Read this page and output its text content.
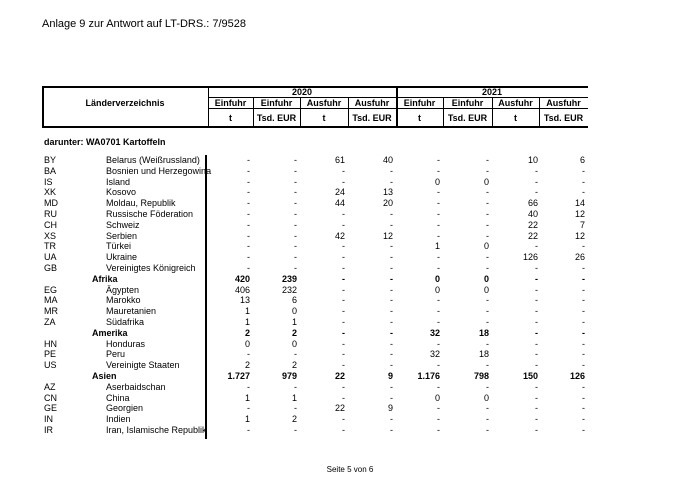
Anlage 9 zur Antwort auf LT-DRS.: 7/9528
2020	2021
Länderverzeichnis	Einfuhr	Einfuhr	Ausfuhr	Ausfuhr	Einfuhr	Einfuhr	Ausfuhr	Ausfuhr
t	Tsd. EUR	t	Tsd. EUR	t	Tsd. EUR	t	Tsd. EUR
darunter: WA0701 Kartoffeln
BY	Belarus (Weißrussland)	-	-	61	40	-	-	10	6
BA	Bosnien und Herzegowina	-	-	-	-	-	-	-	-
IS	Island	-	-	-	-	0	0	-	-
XK	Kosovo	-	-	24	13	-	-	-	-
MD	Moldau, Republik	-	-	44	20	-	-	66	14
RU	Russische Föderation	-	-	-	-	-	-	40	12
CH	Schweiz	-	-	-	-	-	-	22	7
XS	Serbien	-	-	42	12	-	-	22	12
TR	Türkei	-	-	-	-	1	0	-	-
UA	Ukraine	-	-	-	-	-	-	126	26
GB	Vereinigtes Königreich	-	-	-	-	-	-	-	-
Afrika	420	239	-	-	0	0	-	-
EG	Ägypten	406	232	-	-	0	0	-	-
MA	Marokko	13	6	-	-	-	-	-	-
MR	Mauretanien	1	0	-	-	-	-	-	-
ZA	Südafrika	1	1	-	-	-	-	-	-
Amerika	2	2	-	-	32	18	-	-
HN	Honduras	0	0	-	-	-	-	-	-
PE	Peru	-	-	-	-	32	18	-	-
US	Vereinigte Staaten	2	2	-	-	-	-	-	-
Asien	1.727	979	22	9	1.176	798	150	126
AZ	Aserbaidschan	-	-	-	-	-	-	-	-
CN	China	1	1	-	-	0	0	-	-
GE	Georgien	-	-	22	9	-	-	-	-
IN	Indien	1	2	-	-	-	-	-	-
IR	Iran, Islamische Republik	-	-	-	-	-	-	-	-
Seite 5 von 6
